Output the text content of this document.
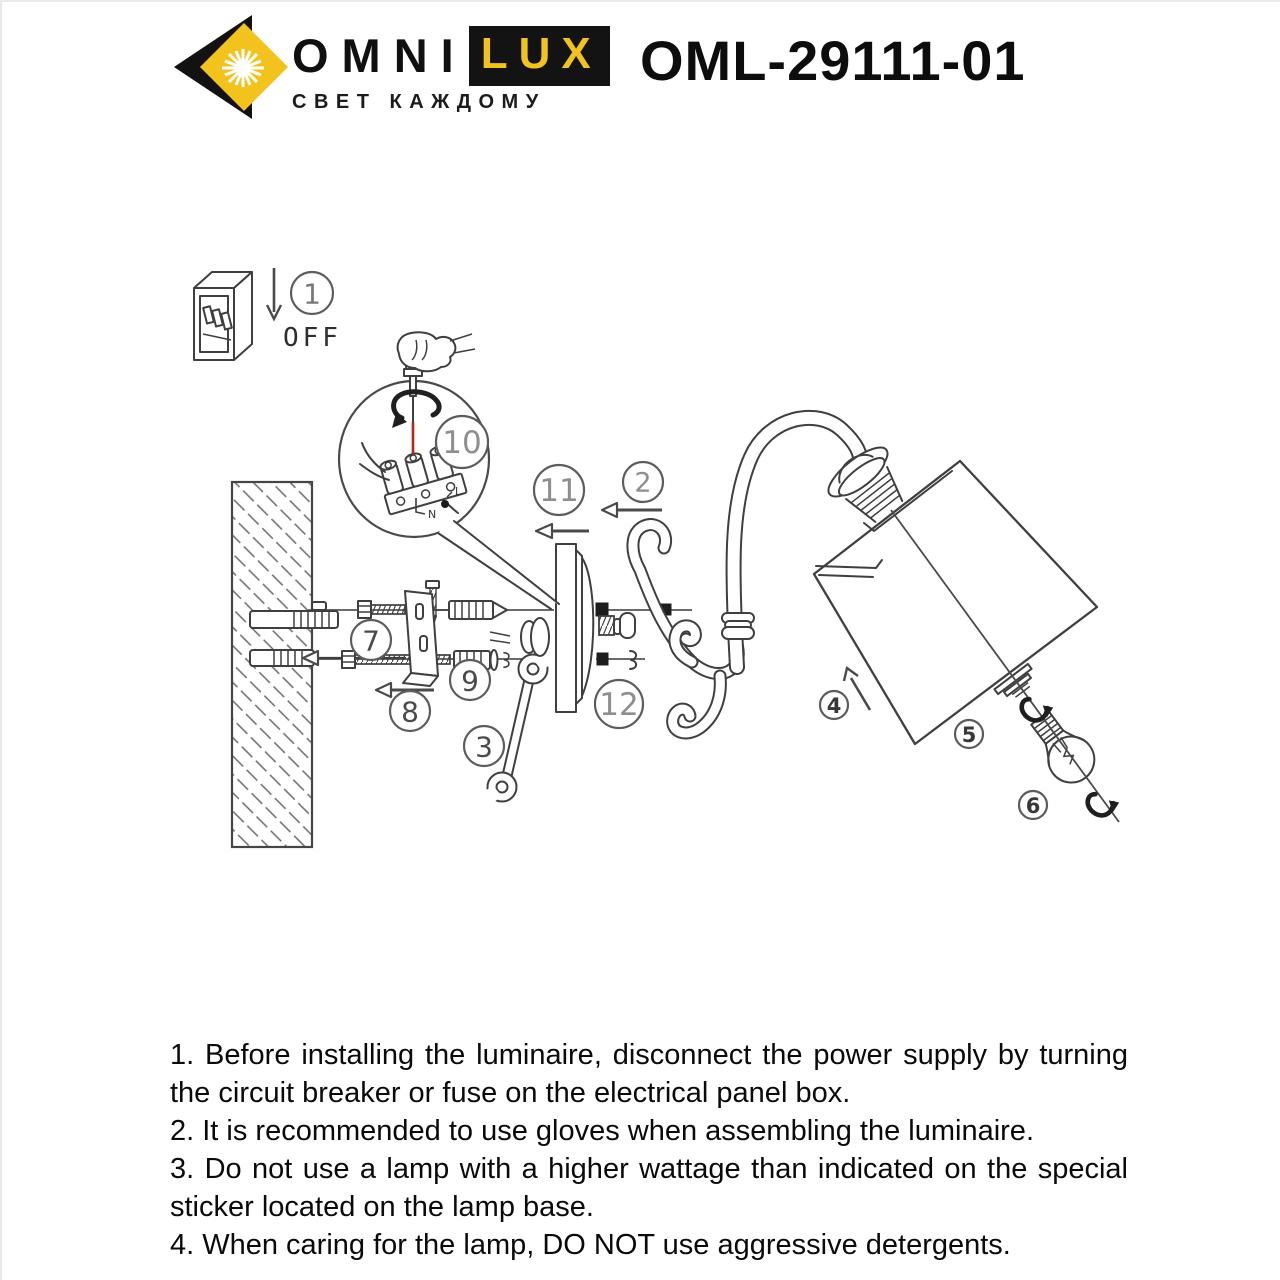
OMNI LUX
СВЕТ КАЖДОМУ
OML-29111-01
L
N
OFF
1
10
11 2
12
7
8
9
3
4
5
6

1. Before installing the luminaire, disconnect the power supply by turning the circuit breaker or fuse on the electrical panel box.

2. It is recommended to use gloves when assembling the luminaire.

3. Do not use a lamp with a higher wattage than indicated on the special sticker located on the lamp base.

4. When caring for the lamp, DO NOT use aggressive detergents.
